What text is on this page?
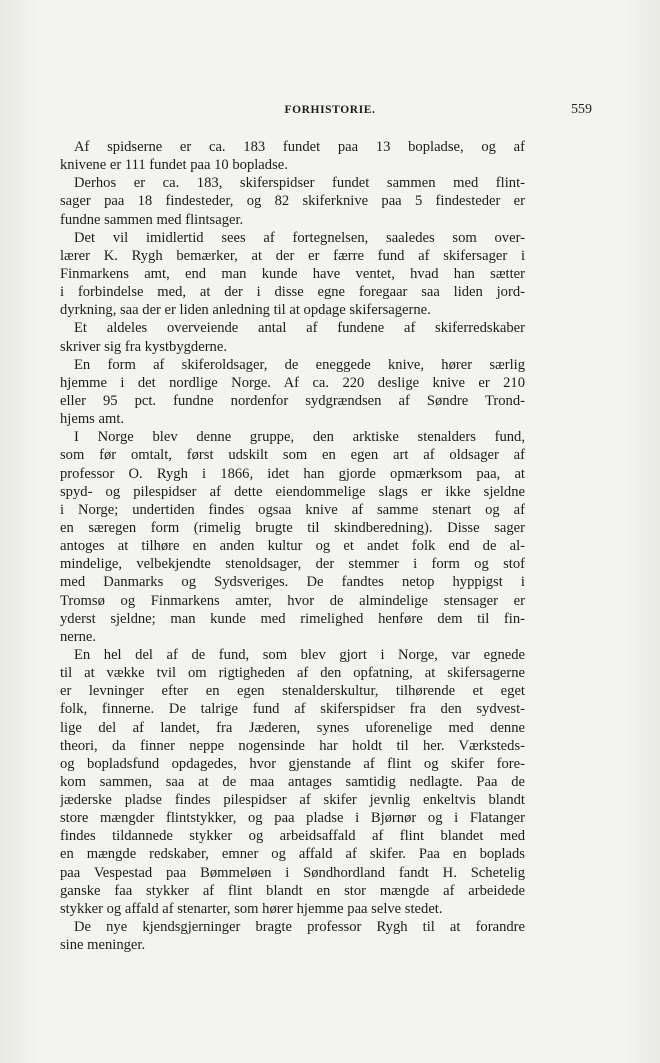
FORHISTORIE.	559
Af spidserne er ca. 183 fundet paa 13 bopladse, og af
knivene er 111 fundet paa 10 bopladse.
Derhos er ca. 183, skiferspidser fundet sammen med flint-
sager paa 18 findesteder, og 82 skiferknive paa 5 findesteder er
fundne sammen med flintsager.
Det vil imidlertid sees af fortegnelsen, saaledes som over-
lærer K. Rygh bemærker, at der er færre fund af skifersager i
Finmarkens amt, end man kunde have ventet, hvad han sætter
i forbindelse med, at der i disse egne foregaar saa liden jord-
dyrkning, saa der er liden anledning til at opdage skifersagerne.
Et aldeles overveiende antal af fundene af skiferredskaber
skriver sig fra kystbygderne.
En form af skiferoldsager, de eneggede knive, hører særlig
hjemme i det nordlige Norge. Af ca. 220 deslige knive er 210
eller 95 pct. fundne nordenfor sydgrændsen af Søndre Trond-
hjems amt.
I Norge blev denne gruppe, den arktiske stenalders fund,
som før omtalt, først udskilt som en egen art af oldsager af
professor O. Rygh i 1866, idet han gjorde opmærksom paa, at
spyd- og pilespidser af dette eiendommelige slags er ikke sjeldne
i Norge; undertiden findes ogsaa knive af samme stenart og af
en særegen form (rimelig brugte til skindberedning). Disse sager
antoges at tilhøre en anden kultur og et andet folk end de al-
mindelige, velbekjendte stenoldsager, der stemmer i form og stof
med Danmarks og Sydsveriges. De fandtes netop hyppigst i
Tromsø og Finmarkens amter, hvor de almindelige stensager er
yderst sjeldne; man kunde med rimelighed henføre dem til fin-
nerne.
En hel del af de fund, som blev gjort i Norge, var egnede
til at vække tvil om rigtigheden af den opfatning, at skifersagerne
er levninger efter en egen stenalderskultur, tilhørende et eget
folk, finnerne. De talrige fund af skiferspidser fra den sydvest-
lige del af landet, fra Jæderen, synes uforenelige med denne
theori, da finner neppe nogensinde har holdt til her. Værksteds-
og bopladsfund opdagedes, hvor gjenstande af flint og skifer fore-
kom sammen, saa at de maa antages samtidig nedlagte. Paa de
jæderske pladse findes pilespidser af skifer jevnlig enkeltvis blandt
store mængder flintstykker, og paa pladse i Bjørnør og i Flatanger
findes tildannede stykker og arbeidsaffald af flint blandet med
en mængde redskaber, emner og affald af skifer. Paa en boplads
paa Vespestad paa Bømmeløen i Søndhordland fandt H. Schetelig
ganske faa stykker af flint blandt en stor mængde af arbeidede
stykker og affald af stenarter, som hører hjemme paa selve stedet.
De nye kjendsgjerninger bragte professor Rygh til at forandre
sine meninger.
